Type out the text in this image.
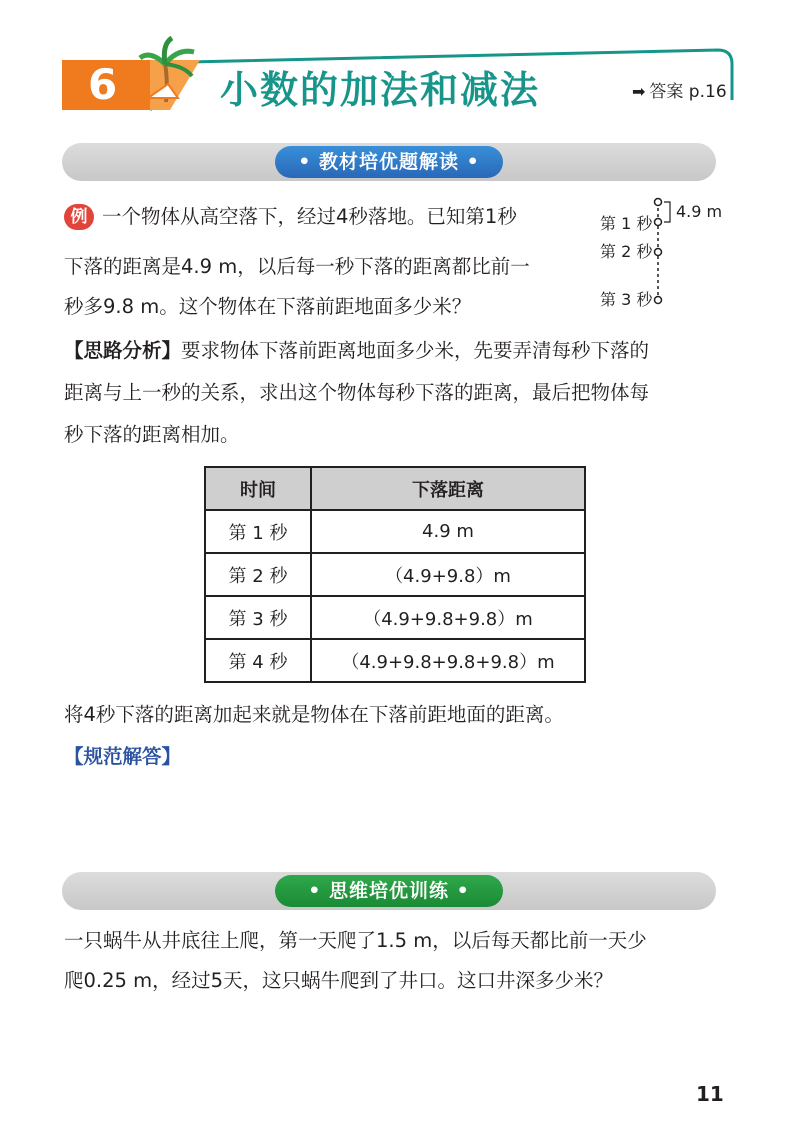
6	小数的加法和减法	➡ 答案 p.16
• 教材培优题解读 •
例 一个物体从高空落下，经过4秒落地。已知第1秒
下落的距离是4.9 m，以后每一秒下落的距离都比前一
秒多9.8 m。这个物体在下落前距地面多少米？
第 1 秒
第 2 秒
第 3 秒
4.9 m
【思路分析】要求物体下落前距离地面多少米，先要弄清每秒下落的
距离与上一秒的关系，求出这个物体每秒下落的距离，最后把物体每
秒下落的距离相加。
时间	下落距离
第 1 秒	4.9 m
第 2 秒	（4.9+9.8）m
第 3 秒	（4.9+9.8+9.8）m
第 4 秒	（4.9+9.8+9.8+9.8）m
将4秒下落的距离加起来就是物体在下落前距地面的距离。
【规范解答】
• 思维培优训练 •
一只蜗牛从井底往上爬，第一天爬了1.5 m，以后每天都比前一天少
爬0.25 m，经过5天，这只蜗牛爬到了井口。这口井深多少米？
11
